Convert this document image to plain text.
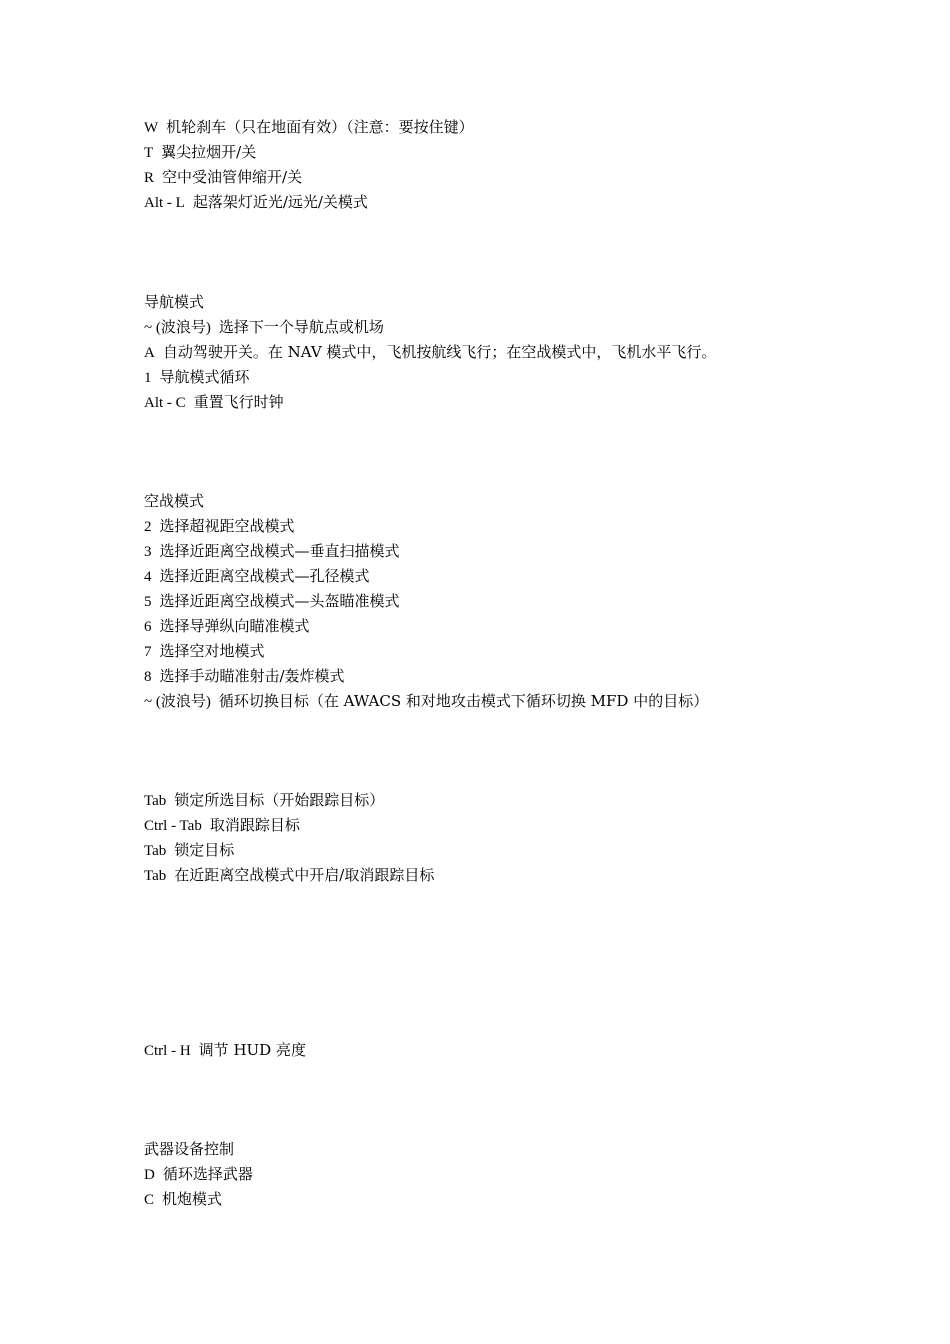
W 机轮刹车（只在地面有效）（注意：要按住键）
T 翼尖拉烟开/关
R 空中受油管伸缩开/关
Alt - L 起落架灯近光/远光/关模式
导航模式
~ (波浪号) 选择下一个导航点或机场
A 自动驾驶开关。在 NAV 模式中，飞机按航线飞行；在空战模式中，飞机水平飞行。
1 导航模式循环
Alt - C 重置飞行时钟
空战模式
2 选择超视距空战模式
3 选择近距离空战模式—垂直扫描模式
4 选择近距离空战模式—孔径模式
5 选择近距离空战模式—头盔瞄准模式
6 选择导弹纵向瞄准模式
7 选择空对地模式
8 选择手动瞄准射击/轰炸模式
~ (波浪号) 循环切换目标（在 AWACS 和对地攻击模式下循环切换 MFD 中的目标）
Tab 锁定所选目标（开始跟踪目标）
Ctrl - Tab 取消跟踪目标
Tab 锁定目标
Tab 在近距离空战模式中开启/取消跟踪目标
Ctrl - H 调节 HUD 亮度
武器设备控制
D 循环选择武器
C 机炮模式
